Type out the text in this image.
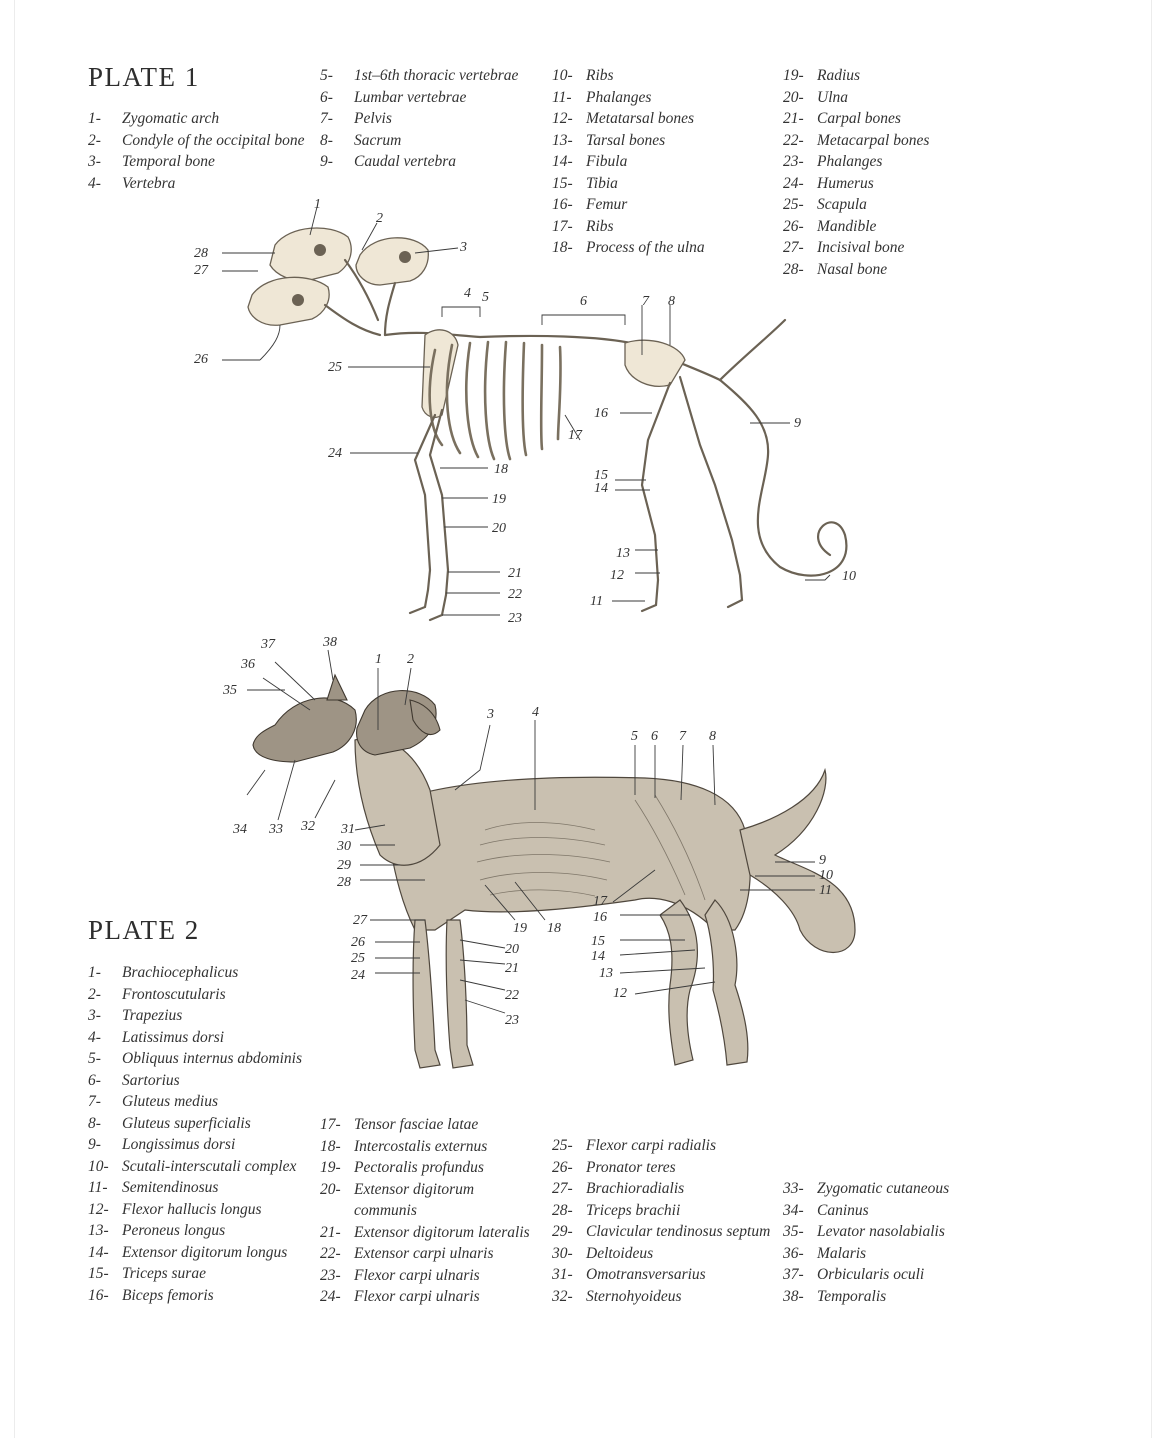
PLATE 1
1- Zygomatic arch
2- Condyle of the occipital bone
3- Temporal bone
4- Vertebra
5- 1st–6th thoracic vertebrae
6- Lumbar vertebrae
7- Pelvis
8- Sacrum
9- Caudal vertebra
10- Ribs
11- Phalanges
12- Metatarsal bones
13- Tarsal bones
14- Fibula
15- Tibia
16- Femur
17- Ribs
18- Process of the ulna
19- Radius
20- Ulna
21- Carpal bones
22- Metacarpal bones
23- Phalanges
24- Humerus
25- Scapula
26- Mandible
27- Incisival bone
28- Nasal bone
1
2
3
4 5	6	7 8
9
10
11
12
13
14
15
16
17
18
19
20
21
22
23
24
25
26
27
28
1 2
3	4
5 6 7 8
9
10
11
12
13
14
15
16
17
18
19
20
21
22
23
24
25
26
27
28
29
30
31
32
33
34
35
36
37	38
PLATE 2
1- Brachiocephalicus
2- Frontoscutularis
3- Trapezius
4- Latissimus dorsi
5- Obliquus internus abdominis
6- Sartorius
7- Gluteus medius
8- Gluteus superficialis
9- Longissimus dorsi
10- Scutali-interscutali complex
11- Semitendinosus
12- Flexor hallucis longus
13- Peroneus longus
14- Extensor digitorum longus
15- Triceps surae
16- Biceps femoris
17- Tensor fasciae latae
18- Intercostalis externus
19- Pectoralis profundus
20- Extensor digitorum
communis
21- Extensor digitorum lateralis
22- Extensor carpi ulnaris
23- Flexor carpi ulnaris
24- Flexor carpi ulnaris
25- Flexor carpi radialis
26- Pronator teres
27- Brachioradialis
28- Triceps brachii
29- Clavicular tendinosus septum
30- Deltoideus
31- Omotransversarius
32- Sternohyoideus
33- Zygomatic cutaneous
34- Caninus
35- Levator nasolabialis
36- Malaris
37- Orbicularis oculi
38- Temporalis
